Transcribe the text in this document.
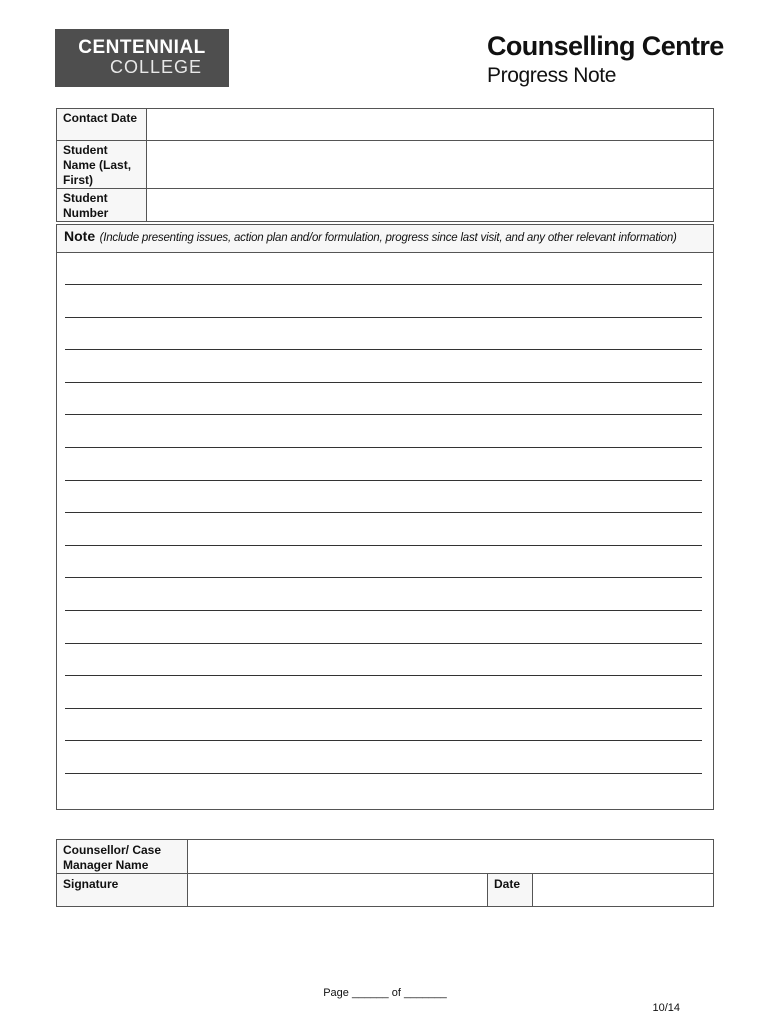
CENTENNIAL
COLLEGE
Counselling Centre
Progress Note
Contact Date	
Student Name (Last, First)	
Student Number	
Note (Include presenting issues, action plan and/or formulation, progress since last visit, and any other relevant information)
Counsellor/ Case Manager Name			
Signature		Date	
Page ______ of _______
10/14
